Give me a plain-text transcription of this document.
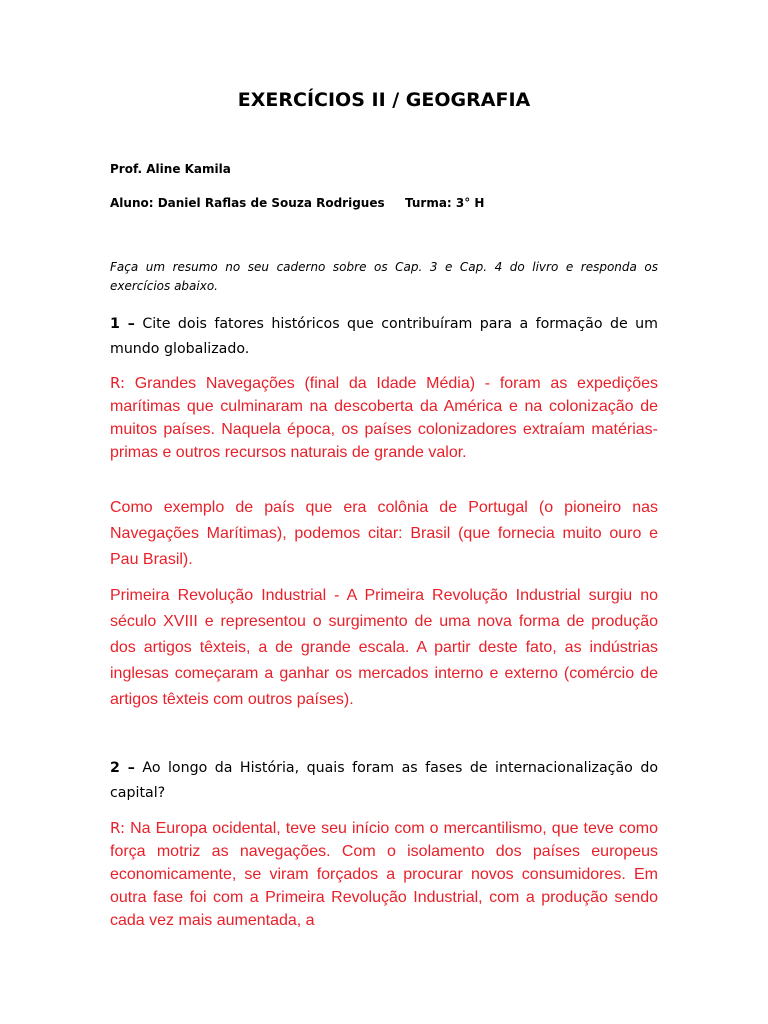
EXERCÍCIOS II / GEOGRAFIA
Prof. Aline Kamila
Aluno: Daniel Raflas de Souza Rodrigues Turma: 3° H
Faça um resumo no seu caderno sobre os Cap. 3 e Cap. 4 do livro e responda os exercícios abaixo.
1 – Cite dois fatores históricos que contribuíram para a formação de um mundo globalizado.
R: Grandes Navegações (final da Idade Média) - foram as expedições marítimas que culminaram na descoberta da América e na colonização de muitos países. Naquela época, os países colonizadores extraíam matérias-primas e outros recursos naturais de grande valor.
Como exemplo de país que era colônia de Portugal (o pioneiro nas Navegações Marítimas), podemos citar: Brasil (que fornecia muito ouro e Pau Brasil).
Primeira Revolução Industrial - A Primeira Revolução Industrial surgiu no século XVIII e representou o surgimento de uma nova forma de produção dos artigos têxteis, a de grande escala. A partir deste fato, as indústrias inglesas começaram a ganhar os mercados interno e externo (comércio de artigos têxteis com outros países).
2 – Ao longo da História, quais foram as fases de internacionalização do capital?
R: Na Europa ocidental, teve seu início com o mercantilismo, que teve como força motriz as navegações. Com o isolamento dos países europeus economicamente, se viram forçados a procurar novos consumidores. Em outra fase foi com a Primeira Revolução Industrial, com a produção sendo cada vez mais aumentada, a
